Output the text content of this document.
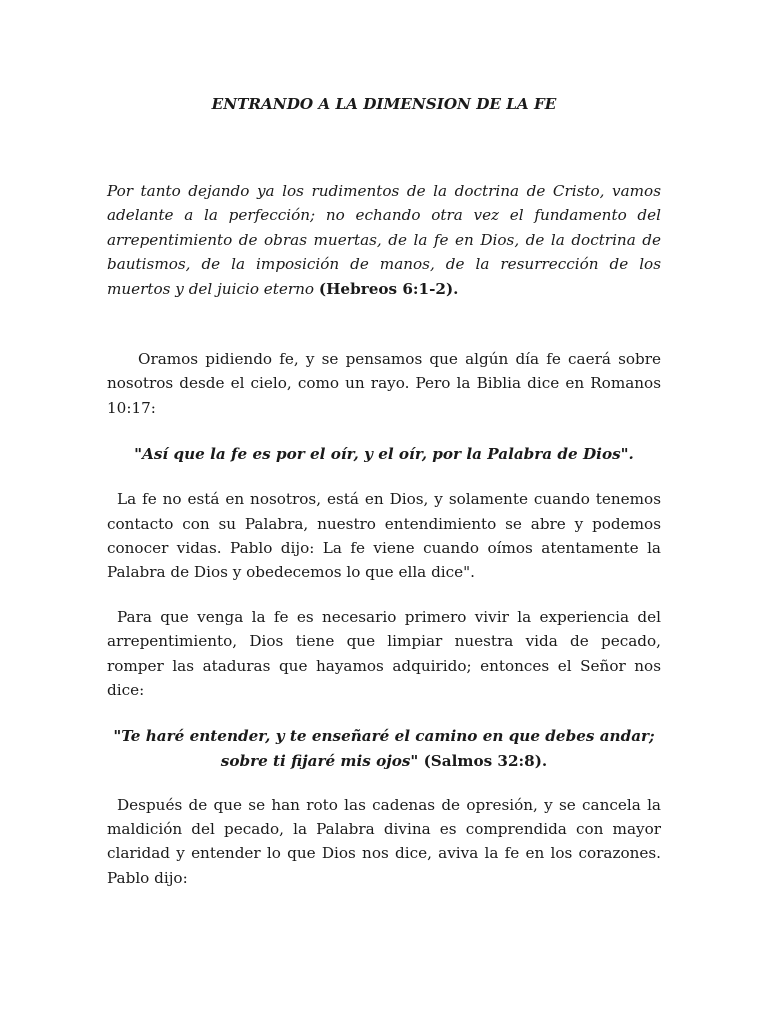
ENTRANDO A LA DIMENSION DE LA FE

Por tanto dejando ya los rudimentos de la doctrina de Cristo, vamos adelante a la perfección; no echando otra vez el fundamento del arrepentimiento de obras muertas, de la fe en Dios, de la doctrina de bautismos, de la imposición de manos, de la resurrección de los muertos y del juicio eterno (Hebreos 6:1-2).

Oramos pidiendo fe, y se pensamos que algún día fe caerá sobre nosotros desde el cielo, como un rayo. Pero la Biblia dice en Romanos 10:17:

"Así que la fe es por el oír, y el oír, por la Palabra de Dios".

La fe no está en nosotros, está en Dios, y solamente cuando tenemos contacto con su Palabra, nuestro entendimiento se abre y podemos conocer vidas. Pablo dijo: La fe viene cuando oímos atentamente la Palabra de Dios y obedecemos lo que ella dice".

Para que venga la fe es necesario primero vivir la experiencia del arrepentimiento, Dios tiene que limpiar nuestra vida de pecado, romper las ataduras que hayamos adquirido; entonces el Señor nos dice:

"Te haré entender, y te enseñaré el camino en que debes andar;
sobre ti fijaré mis ojos" (Salmos 32:8).

Después de que se han roto las cadenas de opresión, y se cancela la maldición del pecado, la Palabra divina es comprendida con mayor claridad y entender lo que Dios nos dice, aviva la fe en los corazones. Pablo dijo:
